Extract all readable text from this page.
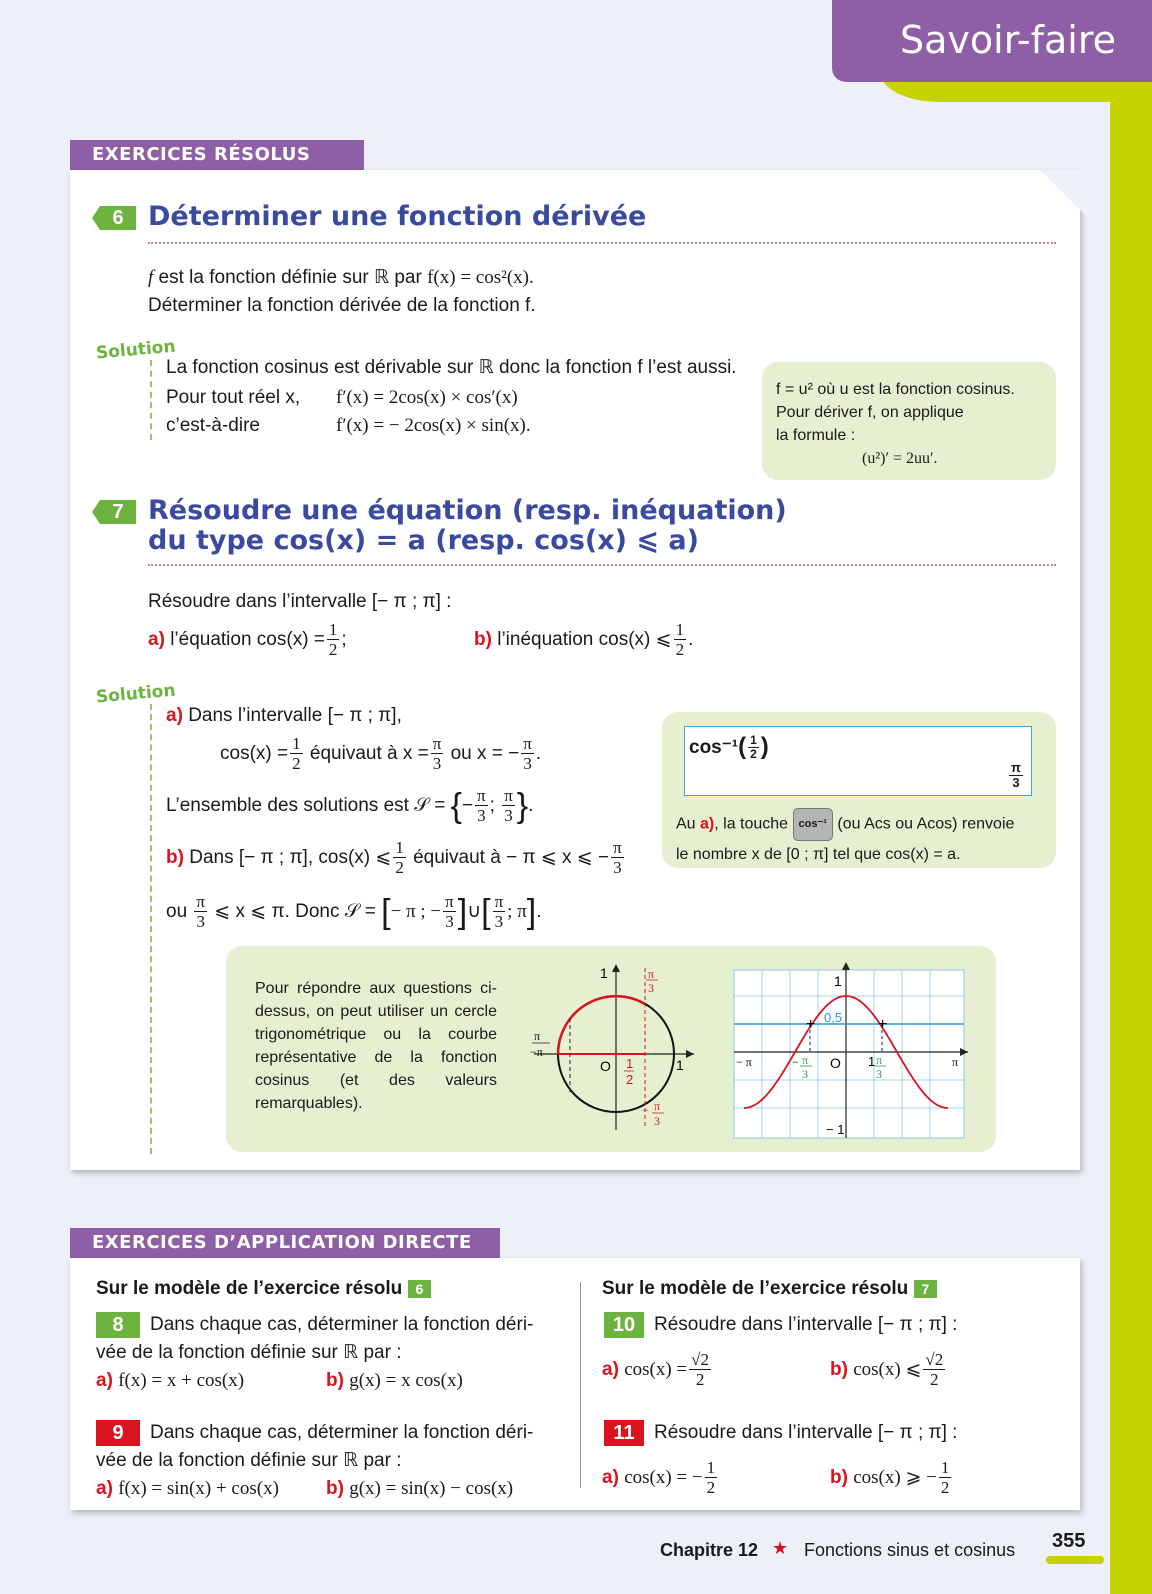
Savoir-faire
EXERCICES RÉSOLUS
6 Déterminer une fonction dérivée
f est la fonction définie sur ℝ par f(x) = cos²(x).
Déterminer la fonction dérivée de la fonction f.
Solution
La fonction cosinus est dérivable sur ℝ donc la fonction f l’est aussi.
Pour tout réel x, f′(x) = 2cos(x) × cos′(x)
c’est-à-dire	f′(x) = − 2cos(x) × sin(x).
f = u² où u est la fonction cosinus.
Pour dériver f, on applique
la formule :
(u²)′ = 2uu′.
7 Résoudre une équation (resp. inéquation)
du type cos(x) = a (resp. cos(x) ⩽ a)
Résoudre dans l’intervalle [− π ; π] :
a)
l’équation $\cos(x) = \frac{1}{2}$ ;	b)
l’inéquation cos(x) ⩽ $\frac{1}{2}$ .
Solution
a) Dans l’intervalle [− π ; π],
$\cos(x) = \frac{1}{2}$
équivaut à $x = \frac{\pi}{3}$
ou x = − $\frac{\pi}{3}$ .
L’ensemble des solutions est 𝒮 =
{ − $\frac{\pi}{3}$ ; $\frac{\pi}{3}$ } .
b)
Dans [− π ; π], cos(x) ⩽ $\frac{1}{2}$
équivaut à − π ⩽ x ⩽ − $\frac{\pi}{3}$
ou
$\frac{\pi}{3}$
⩽ x ⩽ π. Donc 𝒮 =
[ − π ; − $\frac{\pi}{3}$ ] ∪ [ $\frac{\pi}{3}$ ; π ] .
cos⁻¹ ( $\frac{1}{2}$ )
$\frac{\pi}{3}$
Au a), la touche cos⁻¹ (ou Acs ou Acos) renvoie
le nombre x de [0 ; π] tel que cos(x) = a.
Pour répondre aux questions ci-dessus, on peut utiliser un cercle trigonométrique ou la courbe représentative de la fonction cosinus (et des valeurs remarquables).
1
1
O
π
−π
1
2
π
3
− π
3
+	+
1
− 1
0,5
O
− π	π
− π
3
1 π
3
EXERCICES D’APPLICATION DIRECTE
Sur le modèle de l’exercice résolu
6
8	Dans chaque cas, déterminer la fonction déri-
vée de la fonction définie sur ℝ par :
a) f(x) = x + cos(x)	b) g(x) = x cos(x)
9	Dans chaque cas, déterminer la fonction déri-
vée de la fonction définie sur ℝ par :
a) f(x) = sin(x) + cos(x) b) g(x) = sin(x) − cos(x)
Sur le modèle de l’exercice résolu
7
10 Résoudre dans l’intervalle [− π ; π] :
a)
$\cos(x) = \frac{√2}{2}$	b)
cos(x) ⩽ $\frac{√2}{2}$
11	Résoudre dans l’intervalle [− π ; π] :
a)
cos(x) = − $\frac{1}{2}$	b)
cos(x) ⩾ − $\frac{1}{2}$
Chapitre 12 ★ Fonctions sinus et cosinus 355
